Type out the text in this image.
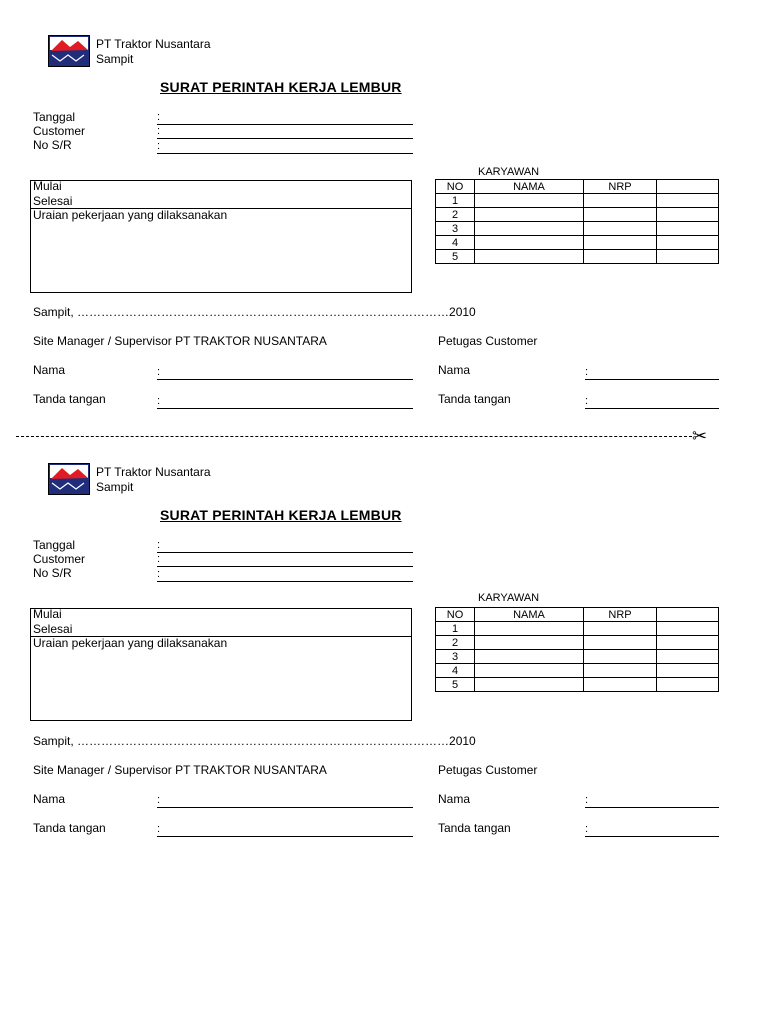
PT Traktor Nusantara
Sampit
SURAT PERINTAH KERJA LEMBUR
Tanggal	:
Customer	:
No S/R	:
Mulai
Selesai
Uraian pekerjaan yang dilaksanakan
KARYAWAN
NO	NAMA	NRP	
1			
2			
3			
4			
5			
Sampit, …………………………………………………………………………………2010
Site Manager / Supervisor PT TRAKTOR NUSANTARA	Petugas Customer
Nama	:	Nama	:
Tanda tangan	:	Tanda tangan	:
✂
PT Traktor Nusantara
Sampit
SURAT PERINTAH KERJA LEMBUR
Tanggal	:
Customer	:
No S/R	:
Mulai
Selesai
Uraian pekerjaan yang dilaksanakan
KARYAWAN
NO	NAMA	NRP	
1			
2			
3			
4			
5			
Sampit, …………………………………………………………………………………2010
Site Manager / Supervisor PT TRAKTOR NUSANTARA	Petugas Customer
Nama	:	Nama	:
Tanda tangan	:	Tanda tangan	:
